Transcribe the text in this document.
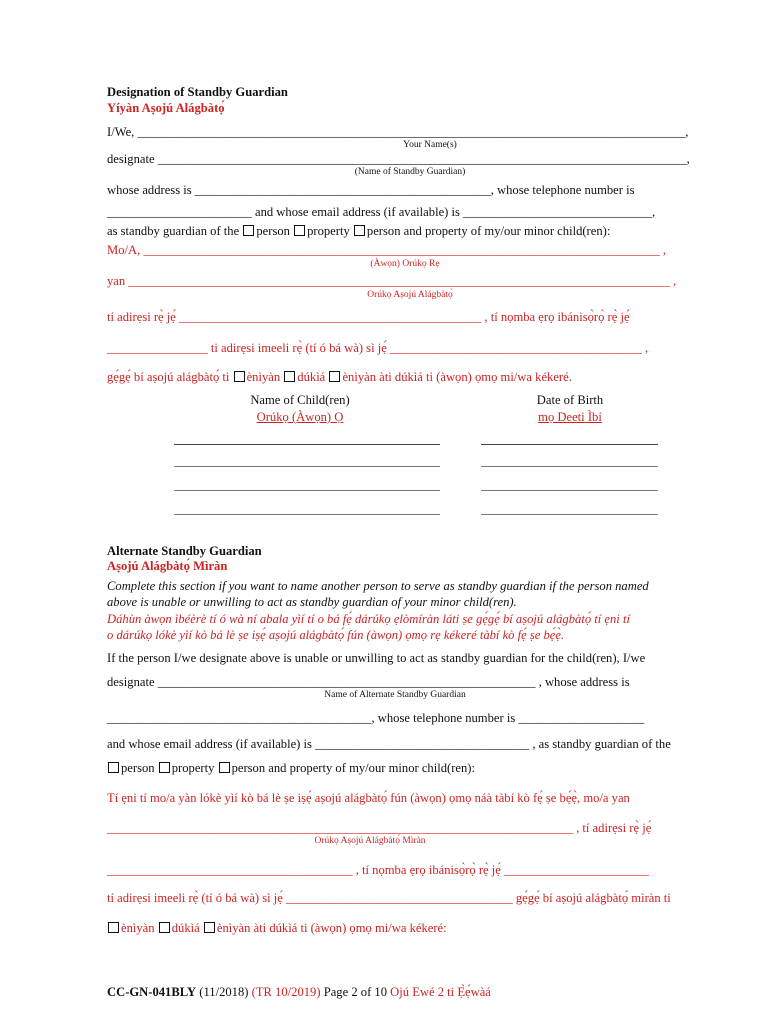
Designation of Standby Guardian
Yíyàn Aṣojú Alágbàtọ́
I/We, _______________________________________________________________________________________,
Your Name(s)
designate ____________________________________________________________________________________,
(Name of Standby Guardian)
whose address is _______________________________________________, whose telephone number is
_______________________ and whose email address (if available) is ______________________________,
as standby guardian of the person property person and property of my/our minor child(ren):
Mo/A, __________________________________________________________________________________ ,
(Àwọn) Orúkọ Rẹ
yan ______________________________________________________________________________________ ,
Orúkọ Aṣojú Alágbàtọ́
tí adirẹsi rẹ̀ jẹ́ ________________________________________________ , tí nọmba ẹrọ ibánisọ̀rọ̀ rẹ̀ jẹ́
________________ ti adirẹsi imeeli rẹ̀ (tí ó bá wà) sì jẹ́ ________________________________________ ,
gẹ́gẹ́ bí aṣojú alágbàtọ́ ti ènìyàn dúkìá ènìyàn àti dúkìá ti (àwọn) ọmọ mi/wa kékeré.
Name of Child(ren)
Orúkọ (Àwọn) Ọ
Date of Birth
mọ Deeti Ìbí
Alternate Standby Guardian
Aṣojú Alágbàtọ́ Mìràn
Complete this section if you want to name another person to serve as standby guardian if the person named
above is unable or unwilling to act as standby guardian of your minor child(ren).
Dáhùn àwọn ìbéèrè tí ó wà ní abala yìí tí o bá fẹ́ dárúkọ ẹlòmíràn láti ṣe gẹ́gẹ́ bí aṣojú alágbàtọ́ tí ẹni tí
o dárúkọ lókè yìí kò bá lè ṣe iṣẹ́ aṣojú alágbàtọ́ fún (àwọn) ọmọ rẹ kékeré tàbí kò fẹ́ ṣe bẹ́ẹ̀.
If the person I/we designate above is unable or unwilling to act as standby guardian for the child(ren), I/we
designate ____________________________________________________________ , whose address is
Name of Alternate Standby Guardian
__________________________________________, whose telephone number is ____________________
and whose email address (if available) is __________________________________ , as standby guardian of the
person property person and property of my/our minor child(ren):
Tí ẹni tí mo/a yàn lókè yìí kò bá lè ṣe iṣẹ́ aṣojú alágbàtọ́ fún (àwọn) ọmọ náà tàbí kò fẹ́ ṣe bẹ́ẹ̀, mo/a yan
__________________________________________________________________________ , tí adirẹsi rẹ̀ jẹ́
Orúkọ Aṣojú Alágbàtọ́ Mìràn
_______________________________________ , tí nọmba ẹrọ ibánisọ̀rọ̀ rẹ̀ jẹ́ _______________________
tí adirẹsi imeeli rẹ̀ (tí ó bá wà) sì jẹ́ ____________________________________ gẹ́gẹ́ bí aṣojú alágbàtọ́ mìràn ti
ènìyàn dúkìá ènìyàn àti dúkìá ti (àwọn) ọmọ mi/wa kékeré:
CC-GN-041BLY (11/2018) (TR 10/2019) Page 2 of 10 Ojú Ewé 2 ti Ẹ̀ẹ́wàá
